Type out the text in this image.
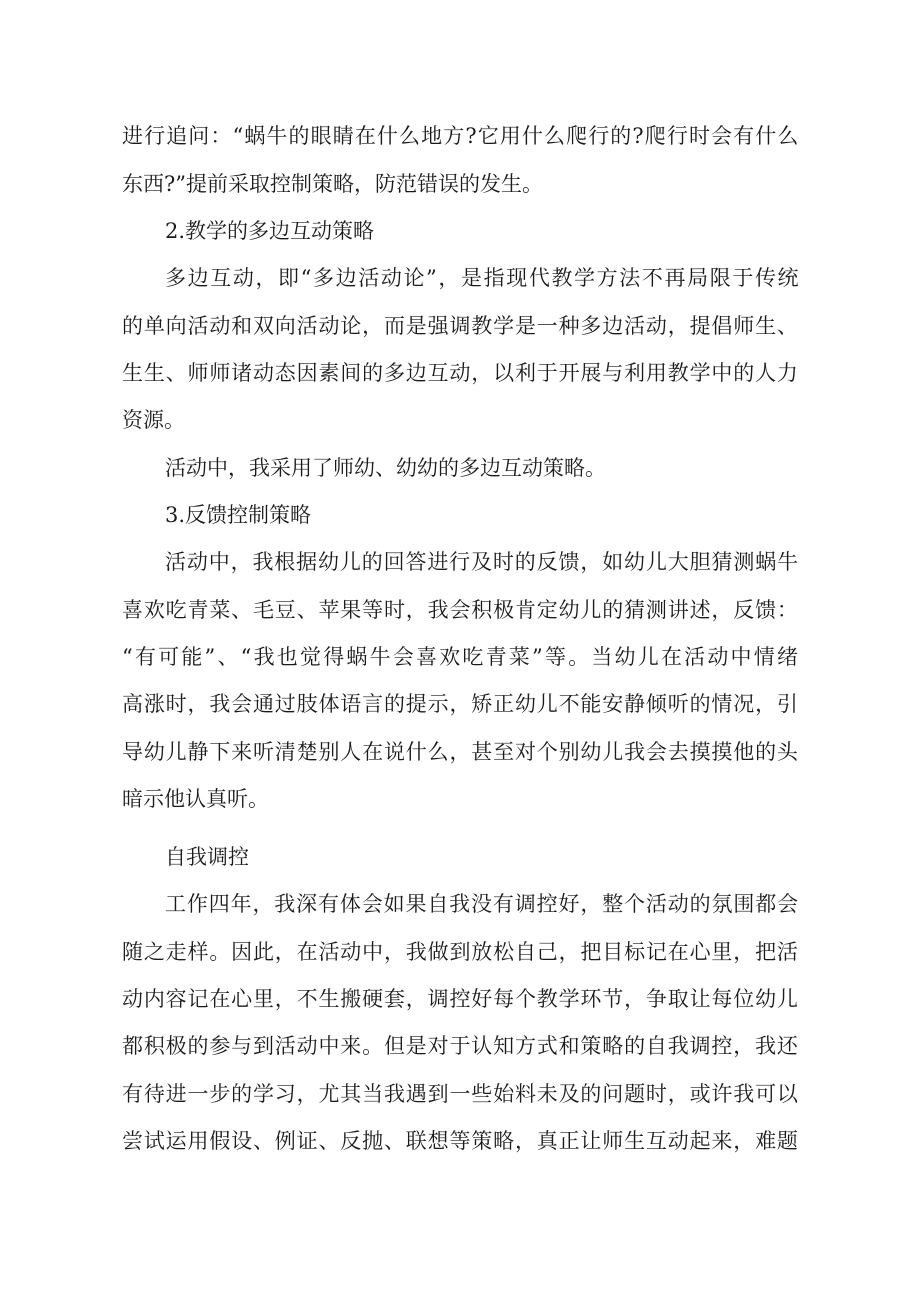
进行追问：“蜗牛的眼睛在什么地方?它用什么爬行的?爬行时会有什么
东西?”提前采取控制策略，防范错误的发生。
2.教学的多边互动策略
多边互动，即“多边活动论”，是指现代教学方法不再局限于传统
的单向活动和双向活动论，而是强调教学是一种多边活动，提倡师生、
生生、师师诸动态因素间的多边互动，以利于开展与利用教学中的人力
资源。
活动中，我采用了师幼、幼幼的多边互动策略。
3.反馈控制策略
活动中，我根据幼儿的回答进行及时的反馈，如幼儿大胆猜测蜗牛
喜欢吃青菜、毛豆、苹果等时，我会积极肯定幼儿的猜测讲述，反馈：
“有可能”、“我也觉得蜗牛会喜欢吃青菜”等。当幼儿在活动中情绪
高涨时，我会通过肢体语言的提示，矫正幼儿不能安静倾听的情况，引
导幼儿静下来听清楚别人在说什么，甚至对个别幼儿我会去摸摸他的头
暗示他认真听。
自我调控
工作四年，我深有体会如果自我没有调控好，整个活动的氛围都会
随之走样。因此，在活动中，我做到放松自己，把目标记在心里，把活
动内容记在心里，不生搬硬套，调控好每个教学环节，争取让每位幼儿
都积极的参与到活动中来。但是对于认知方式和策略的自我调控，我还
有待进一步的学习，尤其当我遇到一些始料未及的问题时，或许我可以
尝试运用假设、例证、反抛、联想等策略，真正让师生互动起来，难题
